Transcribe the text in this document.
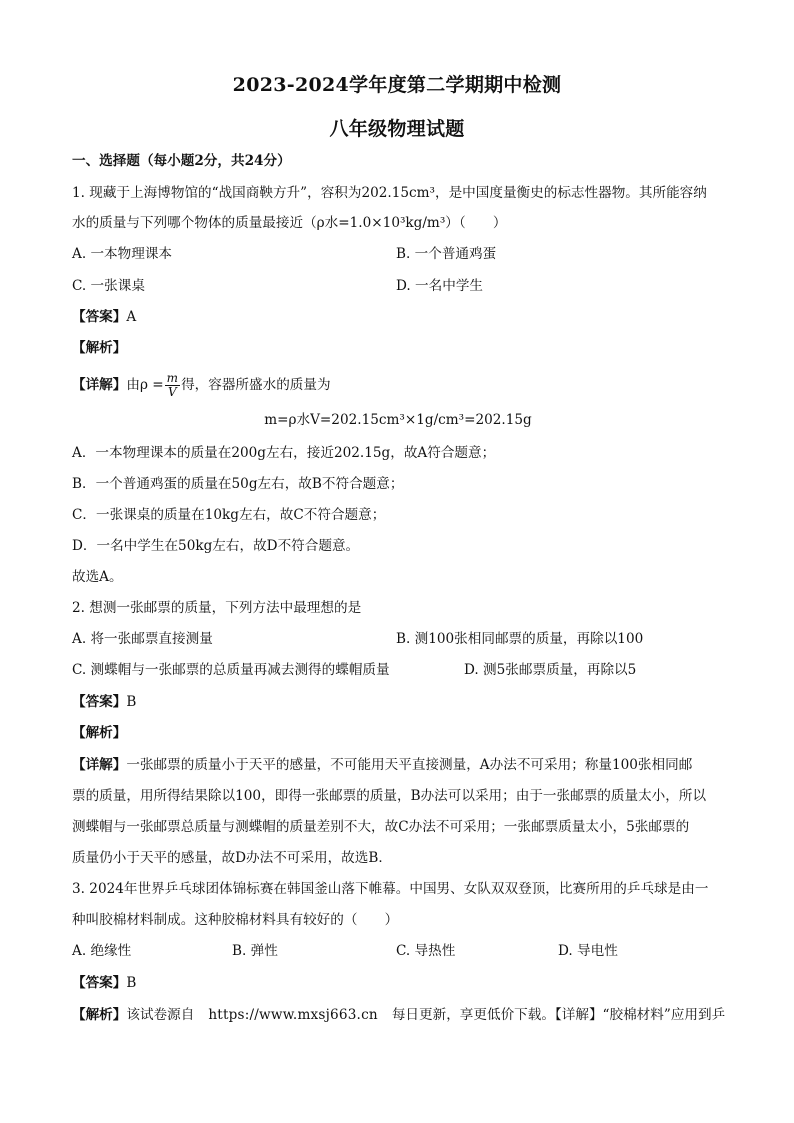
2023-2024学年度第二学期期中检测
八年级物理试题
一、选择题（每小题2分，共24分）
1. 现藏于上海博物馆的“战国商鞅方升”，容积为202.15cm³，是中国度量衡史的标志性器物。其所能容纳
水的质量与下列哪个物体的质量最接近（ρ水=1.0×10³kg/m³）（　　）
A. 一本物理课本	B. 一个普通鸡蛋
C. 一张课桌	D. 一名中学生
【答案】A
【解析】
【详解】由$\rho = \frac{m}{V}$ 得，容器所盛水的质量为
m=ρ水V=202.15cm³×1g/cm³=202.15g
A．一本物理课本的质量在200g左右，接近202.15g，故A符合题意；
B．一个普通鸡蛋的质量在50g左右，故B不符合题意；
C．一张课桌的质量在10kg左右，故C不符合题意；
D．一名中学生在50kg左右，故D不符合题意。
故选A。
2. 想测一张邮票的质量，下列方法中最理想的是
A. 将一张邮票直接测量	B. 测100张相同邮票的质量，再除以100
C. 测蝶帽与一张邮票的总质量再减去测得的蝶帽质量	D. 测5张邮票质量，再除以5
【答案】B
【解析】
【详解】一张邮票的质量小于天平的感量，不可能用天平直接测量，A办法不可采用；称量100张相同邮
票的质量，用所得结果除以100，即得一张邮票的质量，B办法可以采用；由于一张邮票的质量太小，所以
测蝶帽与一张邮票总质量与测蝶帽的质量差别不大，故C办法不可采用；一张邮票质量太小，5张邮票的
质量仍小于天平的感量，故D办法不可采用，故选B．
3. 2024年世界乒乓球团体锦标赛在韩国釜山落下帷幕。中国男、女队双双登顶，比赛所用的乒乓球是由一
种叫胶棉材料制成。这种胶棉材料具有较好的（　　）
A. 绝缘性	B. 弹性	C. 导热性	D. 导电性
【答案】B
【解析】该试卷源自 https://www.mxsj663.cn 每日更新，享更低价下载。【详解】“胶棉材料”应用到乒
